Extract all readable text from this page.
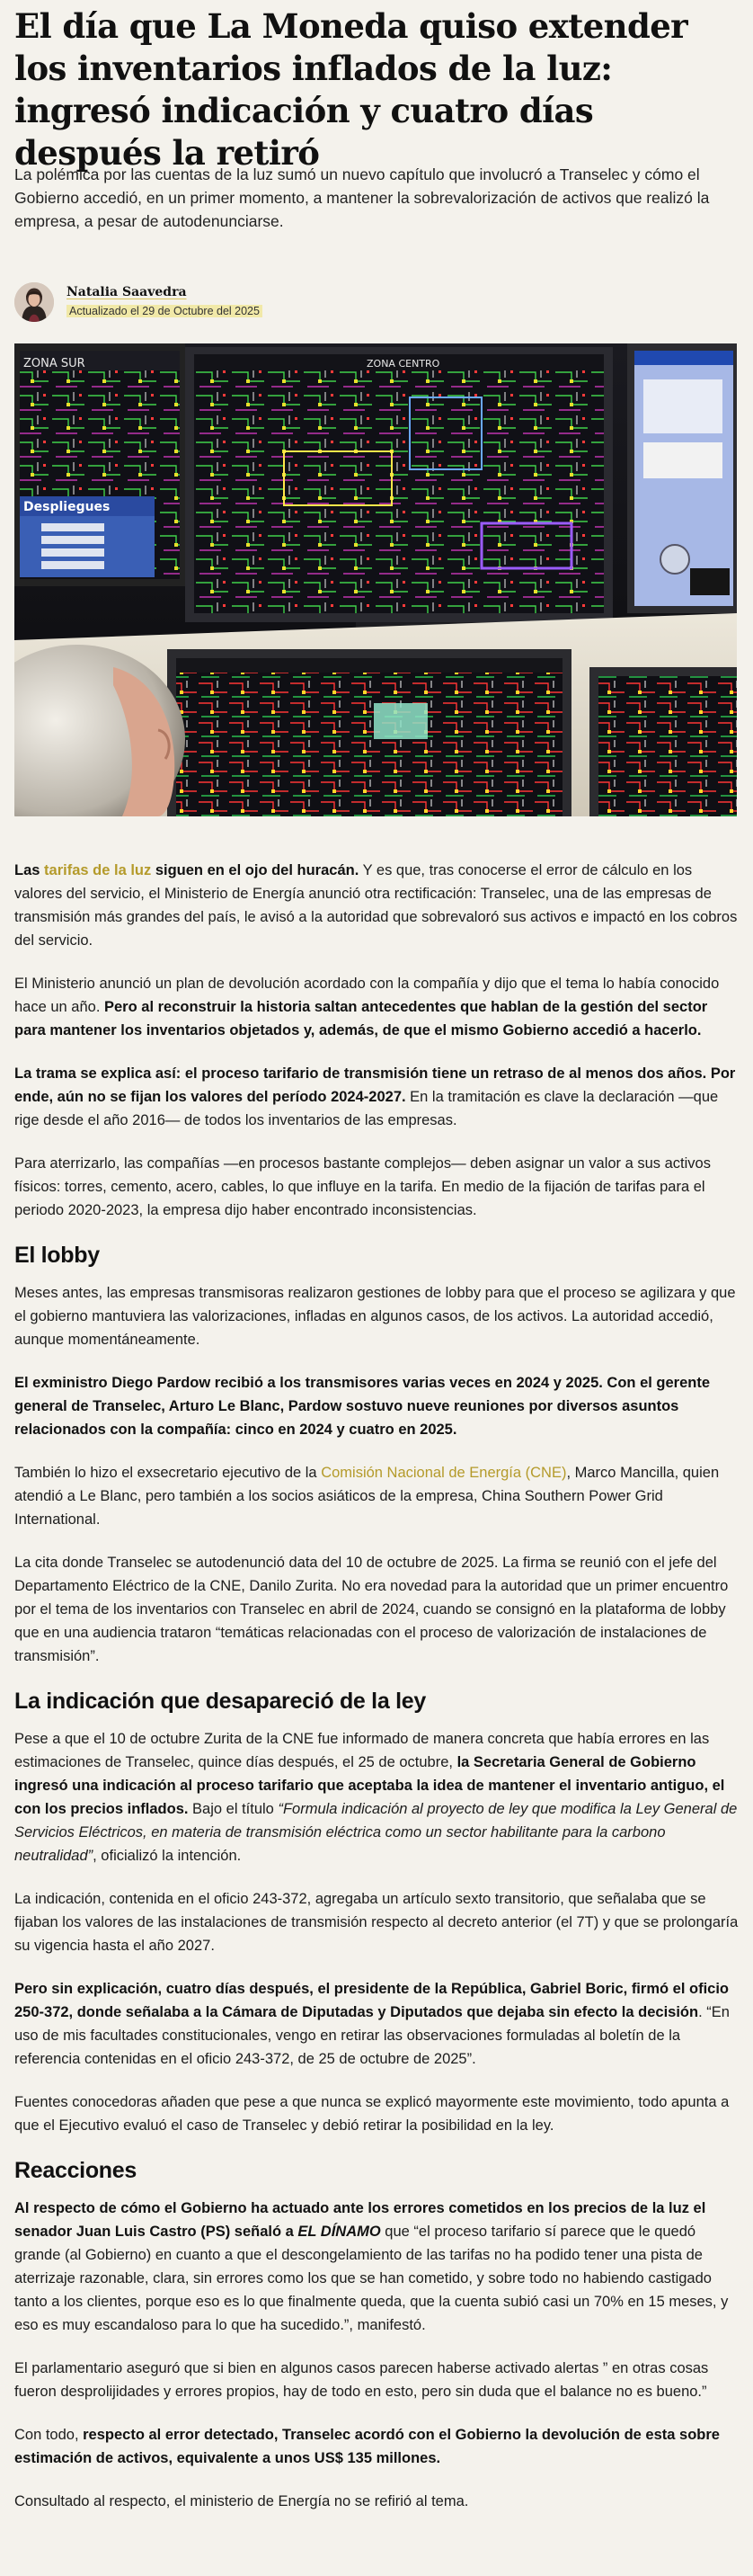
El día que La Moneda quiso extender los inventarios inflados de la luz: ingresó indicación y cuatro días después la retiró
La polémica por las cuentas de la luz sumó un nuevo capítulo que involucró a Transelec y cómo el Gobierno accedió, en un primer momento, a mantener la sobrevalorización de activos que realizó la empresa, a pesar de autodenunciarse.
Natalia Saavedra
Actualizado el 29 de Octubre del 2025
ZONA SUR
Despliegues
ZONA CENTRO

Las tarifas de la luz siguen en el ojo del huracán. Y es que, tras conocerse el error de cálculo en los valores del servicio, el Ministerio de Energía anunció otra rectificación: Transelec, una de las empresas de transmisión más grandes del país, le avisó a la autoridad que sobrevaloró sus activos e impactó en los cobros del servicio.

El Ministerio anunció un plan de devolución acordado con la compañía y dijo que el tema lo había conocido hace un año. Pero al reconstruir la historia saltan antecedentes que hablan de la gestión del sector para mantener los inventarios objetados y, además, de que el mismo Gobierno accedió a hacerlo.

La trama se explica así: el proceso tarifario de transmisión tiene un retraso de al menos dos años. Por ende, aún no se fijan los valores del período 2024-2027. En la tramitación es clave la declaración —que rige desde el año 2016— de todos los inventarios de las empresas.

Para aterrizarlo, las compañías —en procesos bastante complejos— deben asignar un valor a sus activos físicos: torres, cemento, acero, cables, lo que influye en la tarifa. En medio de la fijación de tarifas para el periodo 2020-2023, la empresa dijo haber encontrado inconsistencias.

El lobby

Meses antes, las empresas transmisoras realizaron gestiones de lobby para que el proceso se agilizara y que el gobierno mantuviera las valorizaciones, infladas en algunos casos, de los activos. La autoridad accedió, aunque momentáneamente.

El exministro Diego Pardow recibió a los transmisores varias veces en 2024 y 2025. Con el gerente general de Transelec, Arturo Le Blanc, Pardow sostuvo nueve reuniones por diversos asuntos relacionados con la compañía: cinco en 2024 y cuatro en 2025.

También lo hizo el exsecretario ejecutivo de la Comisión Nacional de Energía (CNE), Marco Mancilla, quien atendió a Le Blanc, pero también a los socios asiáticos de la empresa, China Southern Power Grid International.

La cita donde Transelec se autodenunció data del 10 de octubre de 2025. La firma se reunió con el jefe del Departamento Eléctrico de la CNE, Danilo Zurita. No era novedad para la autoridad que un primer encuentro por el tema de los inventarios con Transelec en abril de 2024, cuando se consignó en la plataforma de lobby que en una audiencia trataron “temáticas relacionadas con el proceso de valorización de instalaciones de transmisión”.

La indicación que desapareció de la ley

Pese a que el 10 de octubre Zurita de la CNE fue informado de manera concreta que había errores en las estimaciones de Transelec, quince días después, el 25 de octubre, la Secretaria General de Gobierno ingresó una indicación al proceso tarifario que aceptaba la idea de mantener el inventario antiguo, el con los precios inflados. Bajo el título “Formula indicación al proyecto de ley que modifica la Ley General de Servicios Eléctricos, en materia de transmisión eléctrica como un sector habilitante para la carbono neutralidad”, oficializó la intención.

La indicación, contenida en el oficio 243-372, agregaba un artículo sexto transitorio, que señalaba que se fijaban los valores de las instalaciones de transmisión respecto al decreto anterior (el 7T) y que se prolongaría su vigencia hasta el año 2027.

Pero sin explicación, cuatro días después, el presidente de la República, Gabriel Boric, firmó el oficio 250-372, donde señalaba a la Cámara de Diputadas y Diputados que dejaba sin efecto la decisión. “En uso de mis facultades constitucionales, vengo en retirar las observaciones formuladas al boletín de la referencia contenidas en el oficio 243-372, de 25 de octubre de 2025”.

Fuentes conocedoras añaden que pese a que nunca se explicó mayormente este movimiento, todo apunta a que el Ejecutivo evaluó el caso de Transelec y debió retirar la posibilidad en la ley.

Reacciones

Al respecto de cómo el Gobierno ha actuado ante los errores cometidos en los precios de la luz el senador Juan Luis Castro (PS) señaló a EL DÍNAMO que “el proceso tarifario sí parece que le quedó grande (al Gobierno) en cuanto a que el descongelamiento de las tarifas no ha podido tener una pista de aterrizaje razonable, clara, sin errores como los que se han cometido, y sobre todo no habiendo castigado tanto a los clientes, porque eso es lo que finalmente queda, que la cuenta subió casi un 70% en 15 meses, y eso es muy escandaloso para lo que ha sucedido.”, manifestó.

El parlamentario aseguró que si bien en algunos casos parecen haberse activado alertas ” en otras cosas fueron desprolijidades y errores propios, hay de todo en esto, pero sin duda que el balance no es bueno.”

Con todo, respecto al error detectado, Transelec acordó con el Gobierno la devolución de esta sobre estimación de activos, equivalente a unos US$ 135 millones.

Consultado al respecto, el ministerio de Energía no se refirió al tema.
